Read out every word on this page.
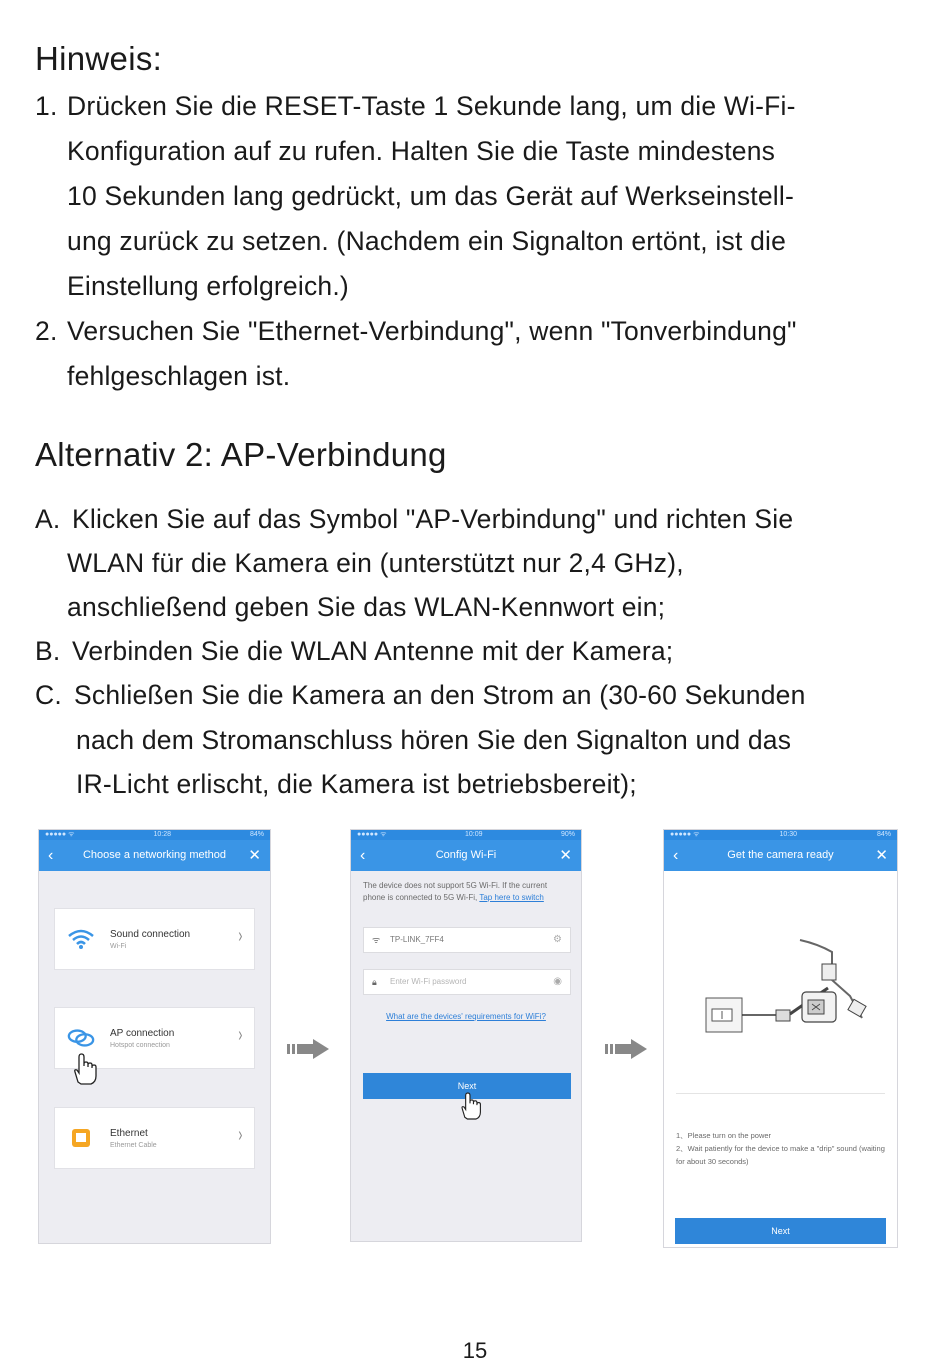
Hinweis:
1. Drücken Sie die RESET-Taste 1 Sekunde lang, um die Wi-Fi-
Konfiguration auf zu rufen. Halten Sie die Taste mindestens
10 Sekunden lang gedrückt, um das Gerät auf Werkseinstell-
ung zurück zu setzen. (Nachdem ein Signalton ertönt, ist die
Einstellung erfolgreich.)
2. Versuchen Sie "Ethernet-Verbindung", wenn "Tonverbindung"
fehlgeschlagen ist.
Alternativ 2: AP-Verbindung
A. Klicken Sie auf das Symbol "AP-Verbindung" und richten Sie
WLAN für die Kamera ein (unterstützt nur 2,4 GHz),
anschließend geben Sie das WLAN-Kennwort ein;
B. Verbinden Sie die WLAN Antenne mit der Kamera;
C. Schließen Sie die Kamera an den Strom an (30-60 Sekunden
nach dem Stromanschluss hören Sie den Signalton und das
IR-Licht erlischt, die Kamera ist betriebsbereit);
●●●●● ᯤ	10:28	84%
‹	Choose a networking method ✕
Sound connection
Wi-Fi	›
AP connection
Hotspot connection	›
Ethernet
Ethernet Cable	›
●●●●● ᯤ	10:09	90%
‹	Config Wi-Fi	✕
The device does not support 5G Wi-Fi. If the current phone is connected to 5G Wi-Fi, Tap here to switch
ᯤ TP-LINK_7FF4	⚙
🔒︎ Enter Wi-Fi password	◉
What are the devices' requirements for WiFi?
Next
●●●●● ᯤ	10:30	84%
‹	Get the camera ready	✕
1、Please turn on the power
2、Wait patiently for the device to make a "drip" sound (waiting for about 30 seconds)
Next
15
